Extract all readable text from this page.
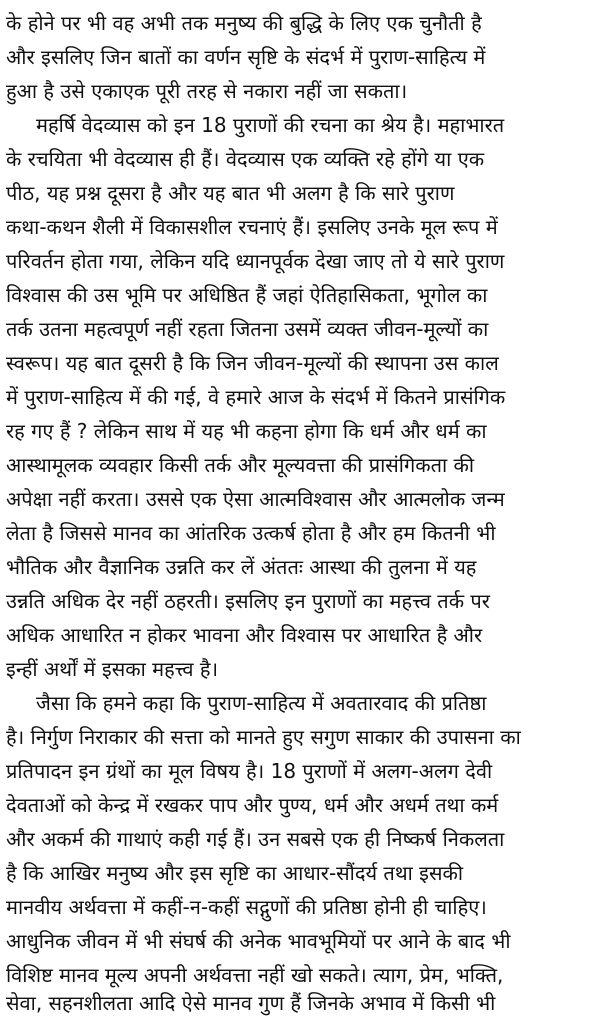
के होने पर भी वह अभी तक मनुष्य की बुद्धि के लिए एक चुनौती है
और इसलिए जिन बातों का वर्णन सृष्टि के संदर्भ में पुराण-साहित्य में
हुआ है उसे एकाएक पूरी तरह से नकारा नहीं जा सकता।
महर्षि वेदव्यास को इन 18 पुराणों की रचना का श्रेय है। महाभारत
के रचयिता भी वेदव्यास ही हैं। वेदव्यास एक व्यक्ति रहे होंगे या एक
पीठ, यह प्रश्न दूसरा है और यह बात भी अलग है कि सारे पुराण
कथा-कथन शैली में विकासशील रचनाएं हैं। इसलिए उनके मूल रूप में
परिवर्तन होता गया, लेकिन यदि ध्यानपूर्वक देखा जाए तो ये सारे पुराण
विश्वास की उस भूमि पर अधिष्ठित हैं जहां ऐतिहासिकता, भूगोल का
तर्क उतना महत्वपूर्ण नहीं रहता जितना उसमें व्यक्त जीवन-मूल्यों का
स्वरूप। यह बात दूसरी है कि जिन जीवन-मूल्यों की स्थापना उस काल
में पुराण-साहित्य में की गई, वे हमारे आज के संदर्भ में कितने प्रासंगिक
रह गए हैं ? लेकिन साथ में यह भी कहना होगा कि धर्म और धर्म का
आस्थामूलक व्यवहार किसी तर्क और मूल्यवत्ता की प्रासंगिकता की
अपेक्षा नहीं करता। उससे एक ऐसा आत्मविश्वास और आत्मलोक जन्म
लेता है जिससे मानव का आंतरिक उत्कर्ष होता है और हम कितनी भी
भौतिक और वैज्ञानिक उन्नति कर लें अंततः आस्था की तुलना में यह
उन्नति अधिक देर नहीं ठहरती। इसलिए इन पुराणों का महत्त्व तर्क पर
अधिक आधारित न होकर भावना और विश्वास पर आधारित है और
इन्हीं अर्थों में इसका महत्त्व है।
जैसा कि हमने कहा कि पुराण-साहित्य में अवतारवाद की प्रतिष्ठा
है। निर्गुण निराकार की सत्ता को मानते हुए सगुण साकार की उपासना का
प्रतिपादन इन ग्रंथों का मूल विषय है। 18 पुराणों में अलग-अलग देवी
देवताओं को केन्द्र में रखकर पाप और पुण्य, धर्म और अधर्म तथा कर्म
और अकर्म की गाथाएं कही गई हैं। उन सबसे एक ही निष्कर्ष निकलता
है कि आखिर मनुष्य और इस सृष्टि का आधार-सौंदर्य तथा इसकी
मानवीय अर्थवत्ता में कहीं-न-कहीं सद्गुणों की प्रतिष्ठा होनी ही चाहिए।
आधुनिक जीवन में भी संघर्ष की अनेक भावभूमियों पर आने के बाद भी
विशिष्ट मानव मूल्य अपनी अर्थवत्ता नहीं खो सकते। त्याग, प्रेम, भक्ति,
सेवा, सहनशीलता आदि ऐसे मानव गुण हैं जिनके अभाव में किसी भी
